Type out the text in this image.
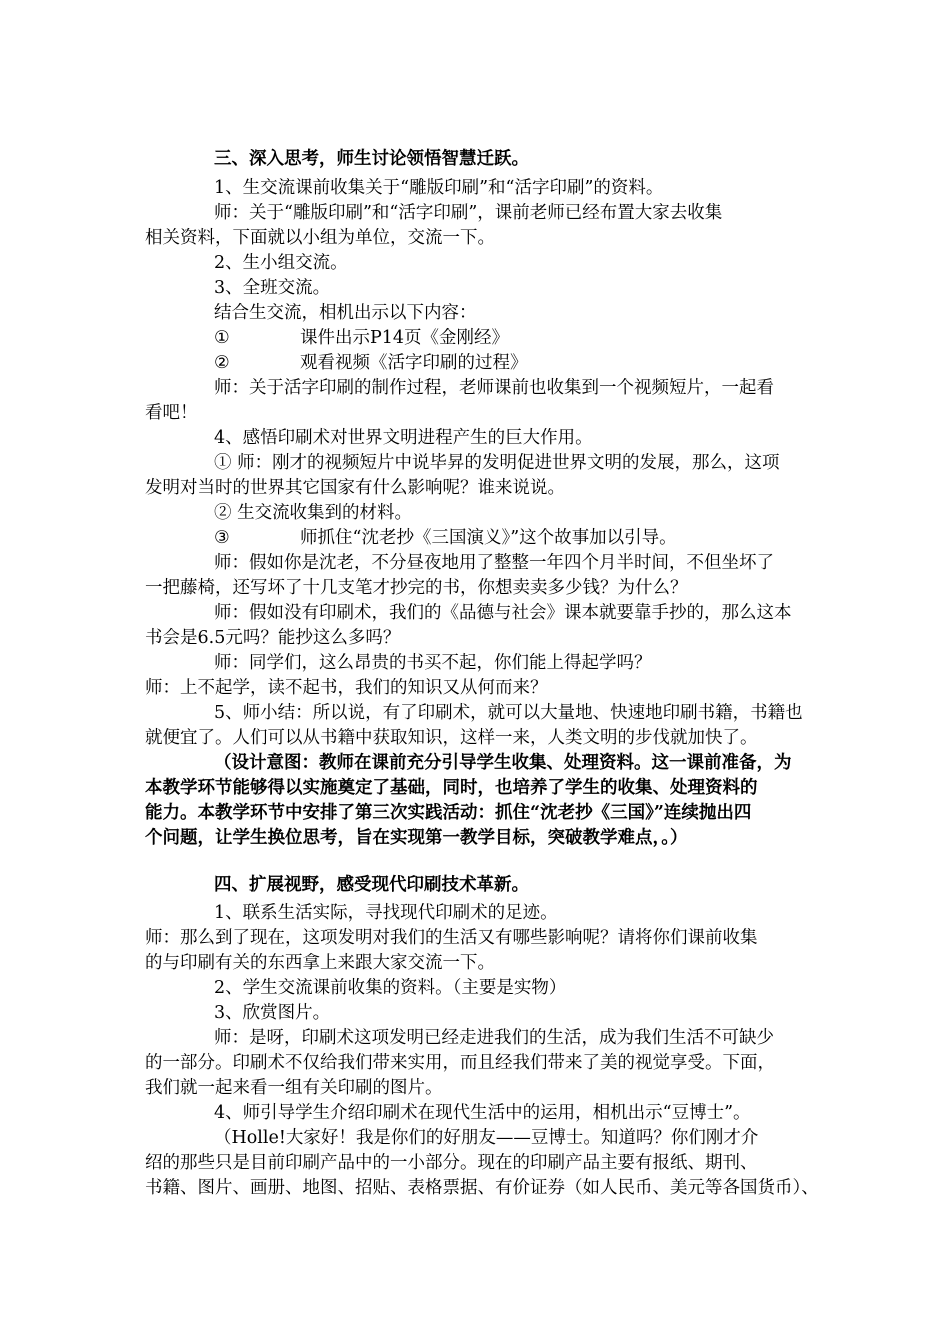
三、深入思考，师生讨论领悟智慧迁跃。
1、生交流课前收集关于“雕版印刷”和“活字印刷”的资料。
师：关于“雕版印刷”和“活字印刷”，课前老师已经布置大家去收集
相关资料，下面就以小组为单位，交流一下。
2、生小组交流。
3、全班交流。
结合生交流，相机出示以下内容：
①	课件出示P14页《金刚经》
②	观看视频《活字印刷的过程》
师：关于活字印刷的制作过程，老师课前也收集到一个视频短片，一起看
看吧！
4、感悟印刷术对世界文明进程产生的巨大作用。
① 师：刚才的视频短片中说毕昇的发明促进世界文明的发展，那么，这项
发明对当时的世界其它国家有什么影响呢？谁来说说。
② 生交流收集到的材料。
③	师抓住“沈老抄《三国演义》”这个故事加以引导。
师：假如你是沈老，不分昼夜地用了整整一年四个月半时间，不但坐坏了
一把藤椅，还写坏了十几支笔才抄完的书，你想卖卖多少钱？为什么？
师：假如没有印刷术，我们的《品德与社会》课本就要靠手抄的，那么这本
书会是6.5元吗？能抄这么多吗？
师：同学们，这么昂贵的书买不起，你们能上得起学吗？
师：上不起学，读不起书，我们的知识又从何而来？
5、师小结：所以说，有了印刷术，就可以大量地、快速地印刷书籍，书籍也
就便宜了。人们可以从书籍中获取知识，这样一来，人类文明的步伐就加快了。
（设计意图：教师在课前充分引导学生收集、处理资料。这一课前准备，为
本教学环节能够得以实施奠定了基础，同时，也培养了学生的收集、处理资料的
能力。本教学环节中安排了第三次实践活动：抓住“沈老抄《三国》”连续抛出四
个问题，让学生换位思考，旨在实现第一教学目标，突破教学难点，。）
四、扩展视野，感受现代印刷技术革新。
1、联系生活实际，寻找现代印刷术的足迹。
师：那么到了现在，这项发明对我们的生活又有哪些影响呢？请将你们课前收集
的与印刷有关的东西拿上来跟大家交流一下。
2、学生交流课前收集的资料。（主要是实物）
3、欣赏图片。
师：是呀，印刷术这项发明已经走进我们的生活，成为我们生活不可缺少
的一部分。印刷术不仅给我们带来实用，而且经我们带来了美的视觉享受。下面，
我们就一起来看一组有关印刷的图片。
4、师引导学生介绍印刷术在现代生活中的运用，相机出示“豆博士”。
（Holle!大家好！我是你们的好朋友——豆博士。知道吗？你们刚才介
绍的那些只是目前印刷产品中的一小部分。现在的印刷产品主要有报纸、期刊、
书籍、图片、画册、地图、招贴、表格票据、有价证券（如人民币、美元等各国货币）、
